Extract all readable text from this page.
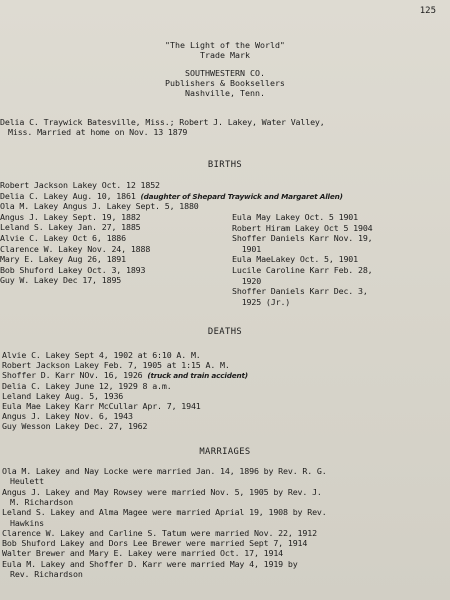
125
"The Light of the World"
Trade Mark
SOUTHWESTERN CO.
Publishers & Booksellers
Nashville, Tenn.
Delia C. Traywick Batesville, Miss.; Robert J. Lakey, Water Valley,
Miss. Married at home on Nov. 13 1879
BIRTHS
Robert Jackson Lakey Oct. 12 1852
Delia C. Lakey Aug. 10, 1861 (daughter of Shepard Traywick and Margaret Allen)
Ola M. Lakey Angus J. Lakey Sept. 5, 1880
Angus J. Lakey Sept. 19, 1882
Leland S. Lakey Jan. 27, 1885
Alvie C. Lakey Oct 6, 1886
Clarence W. Lakey Nov. 24, 1888
Mary E. Lakey Aug 26, 1891
Bob Shuford Lakey Oct. 3, 1893
Guy W. Lakey Dec 17, 1895
Eula May Lakey Oct. 5 1901
Robert Hiram Lakey Oct 5 1904
Shoffer Daniels Karr Nov. 19,
1901
Eula MaeLakey Oct. 5, 1901
Lucile Caroline Karr Feb. 28,
1920
Shoffer Daniels Karr Dec. 3,
1925 (Jr.)
DEATHS
Alvie C. Lakey Sept 4, 1902 at 6:10 A. M.
Robert Jackson Lakey Feb. 7, 1905 at 1:15 A. M.
Shoffer D. Karr NOv. 16, 1926 (truck and train accident)
Delia C. Lakey June 12, 1929 8 a.m.
Leland Lakey Aug. 5, 1936
Eula Mae Lakey Karr McCullar Apr. 7, 1941
Angus J. Lakey Nov. 6, 1943
Guy Wesson Lakey Dec. 27, 1962
MARRIAGES
Ola M. Lakey and Nay Locke were married Jan. 14, 1896 by Rev. R. G.
Heulett
Angus J. Lakey and May Rowsey were married Nov. 5, 1905 by Rev. J.
M. Richardson
Leland S. Lakey and Alma Magee were married Aprial 19, 1908 by Rev.
Hawkins
Clarence W. Lakey and Carline S. Tatum were married Nov. 22, 1912
Bob Shuford Lakey and Dors Lee Brewer were married Sept 7, 1914
Walter Brewer and Mary E. Lakey were married Oct. 17, 1914
Eula M. Lakey and Shoffer D. Karr were married May 4, 1919 by
Rev. Richardson
